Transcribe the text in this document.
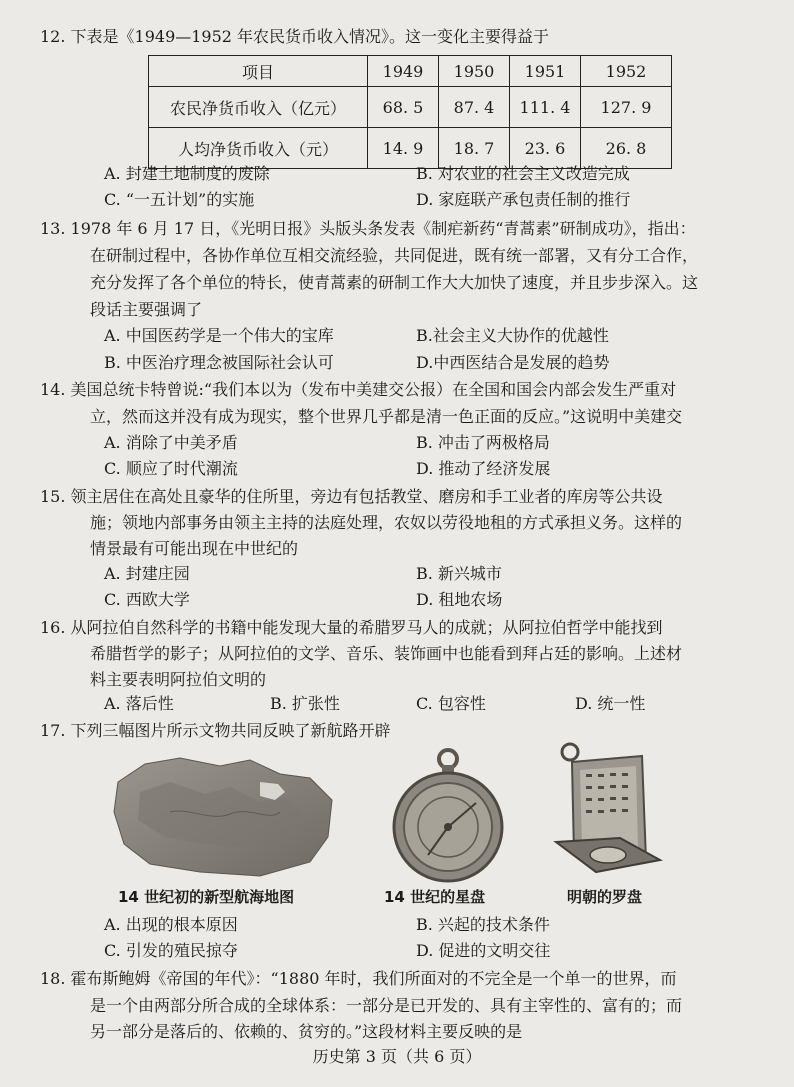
12. 下表是《1949—1952 年农民货币收入情况》。这一变化主要得益于
项目	1949	1950	1951	1952
农民净货币收入（亿元）	68. 5	87. 4	111. 4	127. 9
人均净货币收入（元）	14. 9	18. 7	23. 6	26. 8
A. 封建土地制度的废除	B. 对农业的社会主义改造完成
C. “一五计划”的实施	D. 家庭联产承包责任制的推行
13. 1978 年 6 月 17 日，《光明日报》头版头条发表《制疟新药“青蒿素”研制成功》，指出：
在研制过程中，各协作单位互相交流经验，共同促进，既有统一部署，又有分工合作，
充分发挥了各个单位的特长，使青蒿素的研制工作大大加快了速度，并且步步深入。这
段话主要强调了
A. 中国医药学是一个伟大的宝库	B.社会主义大协作的优越性
B. 中医治疗理念被国际社会认可	D.中西医结合是发展的趋势
14. 美国总统卡特曾说:“我们本以为（发布中美建交公报）在全国和国会内部会发生严重对
立，然而这并没有成为现实，整个世界几乎都是清一色正面的反应。”这说明中美建交
A. 消除了中美矛盾	B. 冲击了两极格局
C. 顺应了时代潮流	D. 推动了经济发展
15. 领主居住在高处且豪华的住所里，旁边有包括教堂、磨房和手工业者的库房等公共设
施；领地内部事务由领主主持的法庭处理，农奴以劳役地租的方式承担义务。这样的
情景最有可能出现在中世纪的
A. 封建庄园	B. 新兴城市
C. 西欧大学	D. 租地农场
16. 从阿拉伯自然科学的书籍中能发现大量的希腊罗马人的成就；从阿拉伯哲学中能找到
希腊哲学的影子；从阿拉伯的文学、音乐、装饰画中也能看到拜占廷的影响。上述材
料主要表明阿拉伯文明的
A. 落后性	B. 扩张性	C. 包容性	D. 统一性
17. 下列三幅图片所示文物共同反映了新航路开辟
14 世纪初的新型航海地图	14 世纪的星盘	明朝的罗盘
A. 出现的根本原因	B. 兴起的技术条件
C. 引发的殖民掠夺	D. 促进的文明交往
18. 霍布斯鲍姆《帝国的年代》：“1880 年时，我们所面对的不完全是一个单一的世界，而
是一个由两部分所合成的全球体系：一部分是已开发的、具有主宰性的、富有的；而
另一部分是落后的、依赖的、贫穷的。”这段材料主要反映的是
历史第 3 页（共 6 页）
